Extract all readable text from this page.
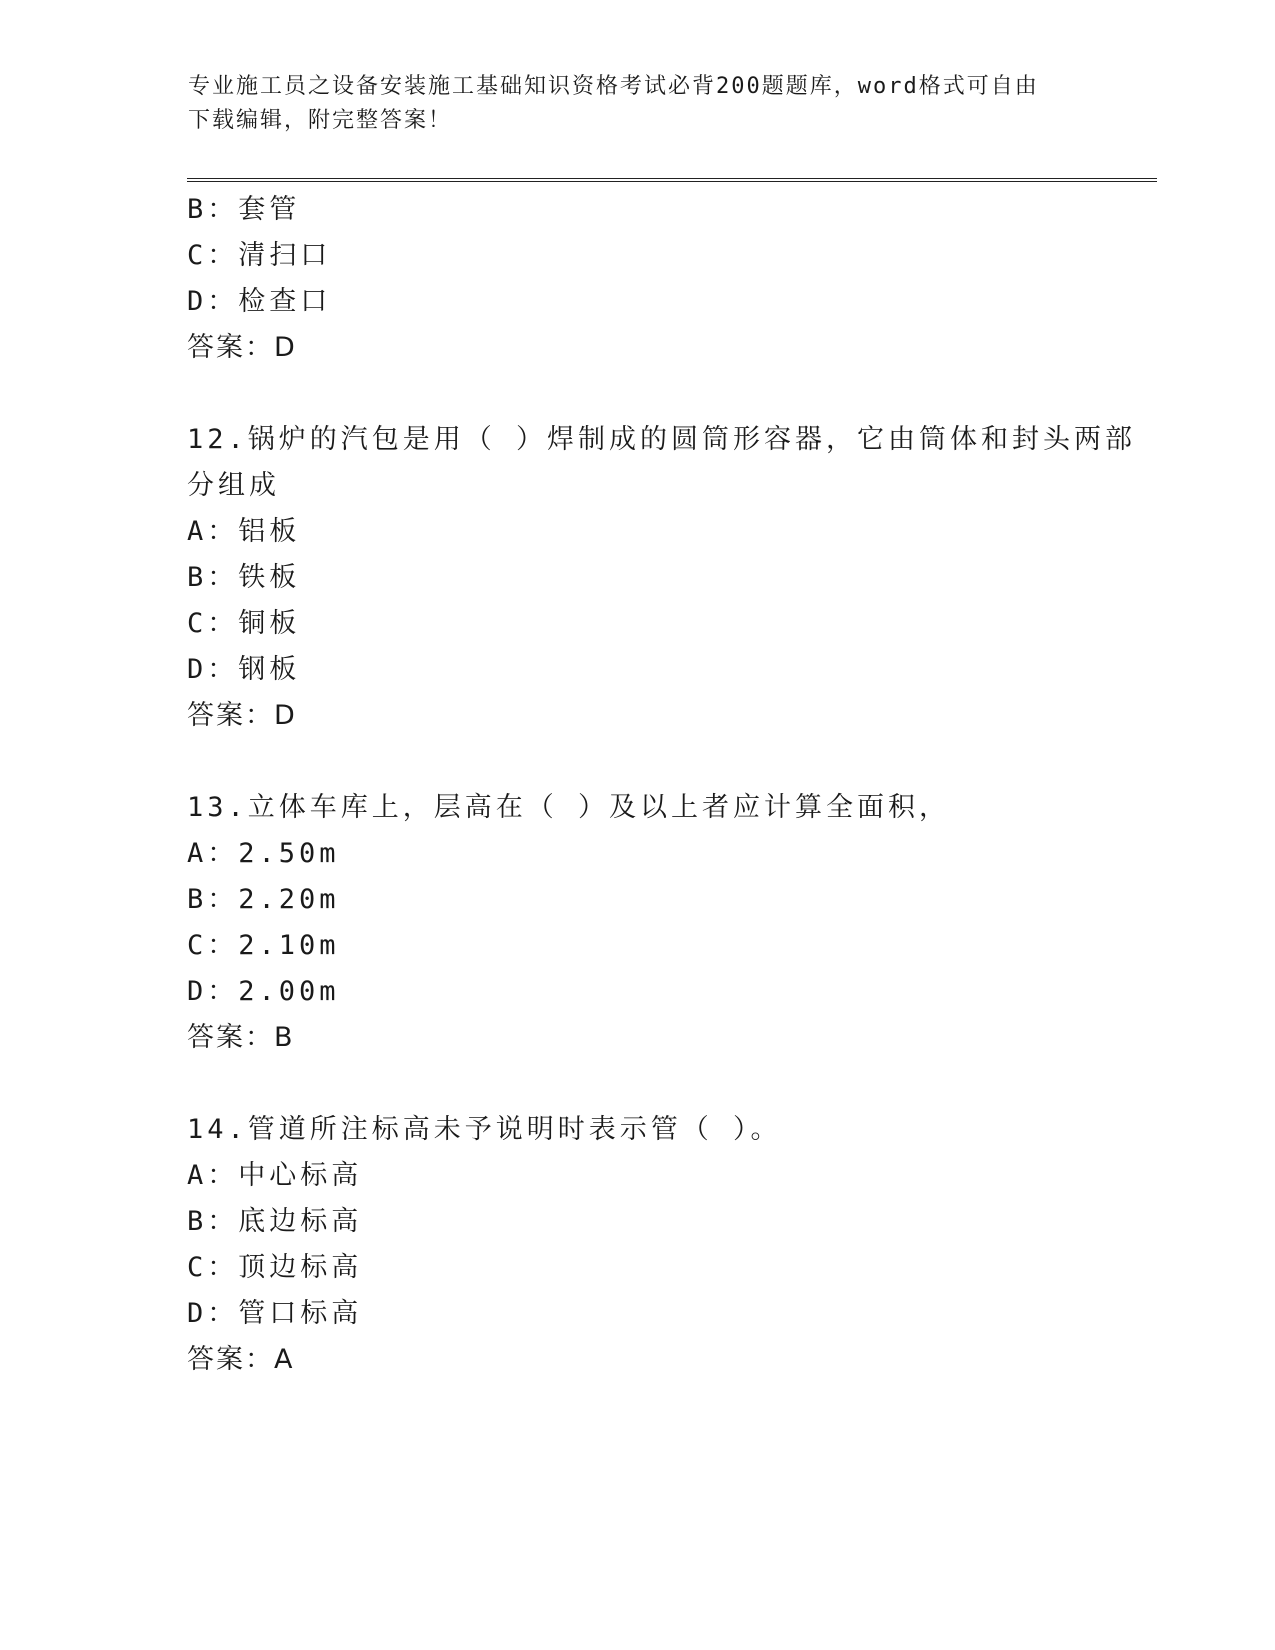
专业施工员之设备安装施工基础知识资格考试必背200题题库，word格式可自由
下载编辑，附完整答案！
B：套管
C：清扫口
D：检查口
答案：D
12.锅炉的汽包是用（ ）焊制成的圆筒形容器，它由筒体和封头两部
分组成
A：铝板
B：铁板
C：铜板
D：钢板
答案：D
13.立体车库上，层高在（ ）及以上者应计算全面积，
A：2.50m
B：2.20m
C：2.10m
D：2.00m
答案：B
14.管道所注标高未予说明时表示管（ ）。
A：中心标高
B：底边标高
C：顶边标高
D：管口标高
答案：A
